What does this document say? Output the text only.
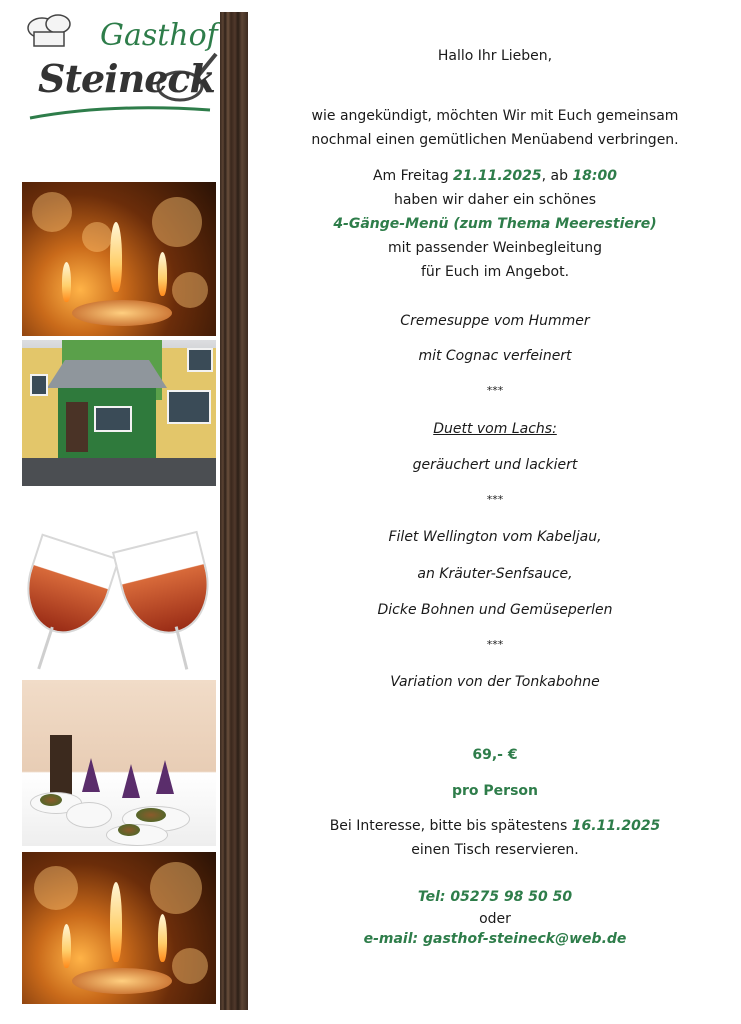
Gasthof
Steineck	Hallo Ihr Lieben,
wie angekündigt, möchten Wir mit Euch gemeinsam
nochmal einen gemütlichen Menüabend verbringen.
Am Freitag 21.11.2025, ab 18:00
haben wir daher ein schönes
4-Gänge-Menü (zum Thema Meerestiere)
mit passender Weinbegleitung
für Euch im Angebot.
Cremesuppe vom Hummer
mit Cognac verfeinert
***
Duett vom Lachs:
geräuchert und lackiert
***
Filet Wellington vom Kabeljau,
an Kräuter-Senfsauce,
Dicke Bohnen und Gemüseperlen
***
Variation von der Tonkabohne
69,- €
pro Person
Bei Interesse, bitte bis spätestens 16.11.2025
einen Tisch reservieren.
Tel: 05275 98 50 50
oder
e-mail: gasthof-steineck@web.de
